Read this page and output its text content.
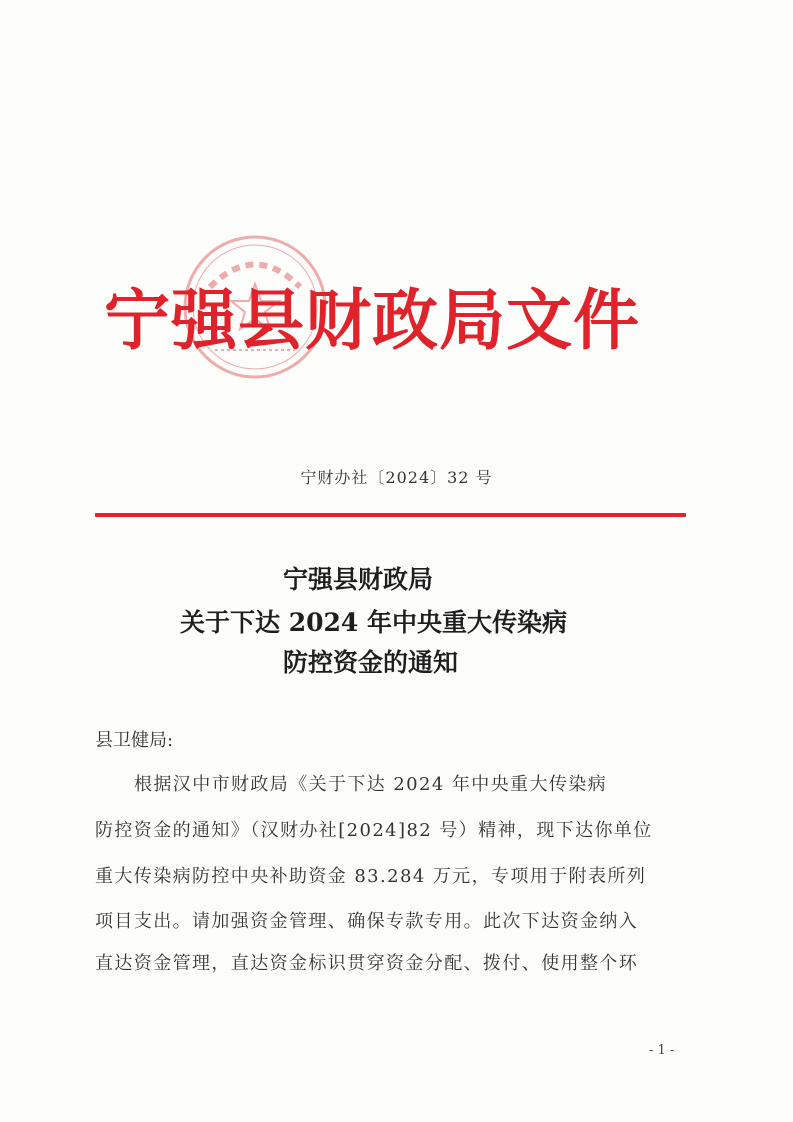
宁强县财政局文件
宁财办社〔2024〕32 号
宁强县财政局
关于下达 2024 年中央重大传染病
防控资金的通知
县卫健局:
根据汉中市财政局《关于下达 2024 年中央重大传染病
防控资金的通知》（汉财办社[2024]82 号）精神，现下达你单位
重大传染病防控中央补助资金 83.284 万元，专项用于附表所列
项目支出。请加强资金管理、确保专款专用。此次下达资金纳入
直达资金管理，直达资金标识贯穿资金分配、拨付、使用整个环
- 1 -
